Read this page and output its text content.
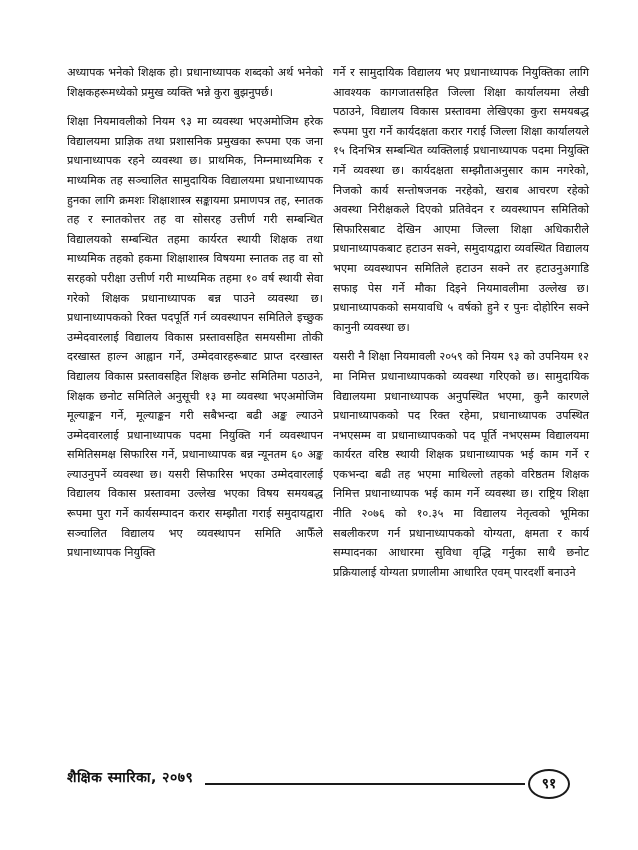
अध्यापक भनेको शिक्षक हो। प्रधानाध्यापक शब्दको अर्थ भनेको शिक्षकहरूमध्येको प्रमुख व्यक्ति भन्ने कुरा बुझनुपर्छ।

शिक्षा नियमावलीको नियम ९३ मा व्यवस्था भएअमोजिम हरेक विद्यालयमा प्राज्ञिक तथा प्रशासनिक प्रमुखका रूपमा एक जना प्रधानाध्यापक रहने व्यवस्था छ। प्राथमिक, निम्नमाध्यमिक र माध्यमिक तह सञ्चालित सामुदायिक विद्यालयमा प्रधानाध्यापक हुनका लागि क्रमशः शिक्षाशास्त्र सङ्कायमा प्रमाणपत्र तह, स्नातक तह र स्नातकोत्तर तह वा सोसरह उत्तीर्ण गरी सम्बन्धित विद्यालयको सम्बन्धित तहमा कार्यरत स्थायी शिक्षक तथा माध्यमिक तहको हकमा शिक्षाशास्त्र विषयमा स्नातक तह वा सो सरहको परीक्षा उत्तीर्ण गरी माध्यमिक तहमा १० वर्ष स्थायी सेवा गरेको शिक्षक प्रधानाध्यापक बन्न पाउने व्यवस्था छ। प्रधानाध्यापकको रिक्त पदपूर्ति गर्न व्यवस्थापन समितिले इच्छुक उम्मेदवारलाई विद्यालय विकास प्रस्तावसहित समयसीमा तोकी दरखास्त हाल्न आह्वान गर्ने, उम्मेदवारहरूबाट प्राप्त दरखास्त विद्यालय विकास प्रस्तावसहित शिक्षक छनोट समितिमा पठाउने, शिक्षक छनोट समितिले अनुसूची १३ मा व्यवस्था भएअमोजिम मूल्याङ्कन गर्ने, मूल्याङ्कन गरी सबैभन्दा बढी अङ्क ल्याउने उम्मेदवारलाई प्रधानाध्यापक पदमा नियुक्ति गर्न व्यवस्थापन समितिसमक्ष सिफारिस गर्ने, प्रधानाध्यापक बन्न न्यूनतम ६० अङ्क ल्याउनुपर्ने व्यवस्था छ। यसरी सिफारिस भएका उम्मेदवारलाई विद्यालय विकास प्रस्तावमा उल्लेख भएका विषय समयबद्ध रूपमा पुरा गर्ने कार्यसम्पादन करार सम्झौता गराई समुदायद्वारा सञ्चालित विद्यालय भए व्यवस्थापन समिति आफैँले प्रधानाध्यापक नियुक्ति

गर्ने र सामुदायिक विद्यालय भए प्रधानाध्यापक नियुक्तिका लागि आवश्यक कागजातसहित जिल्ला शिक्षा कार्यालयमा लेखी पठाउने, विद्यालय विकास प्रस्तावमा लेखिएका कुरा समयबद्ध रूपमा पुरा गर्ने कार्यदक्षता करार गराई जिल्ला शिक्षा कार्यालयले १५ दिनभित्र सम्बन्धित व्यक्तिलाई प्रधानाध्यापक पदमा नियुक्ति गर्ने व्यवस्था छ। कार्यदक्षता सम्झौताअनुसार काम नगरेको, निजको कार्य सन्तोषजनक नरहेको, खराब आचरण रहेको अवस्था निरीक्षकले दिएको प्रतिवेदन र व्यवस्थापन समितिको सिफारिसबाट देखिन आएमा जिल्ला शिक्षा अधिकारीले प्रधानाध्यापकबाट हटाउन सक्ने, समुदायद्वारा व्यवस्थित विद्यालय भएमा व्यवस्थापन समितिले हटाउन सक्ने तर हटाउनुअगाडि सफाइ पेस गर्ने मौका दिइने नियमावलीमा उल्लेख छ। प्रधानाध्यापकको समयावधि ५ वर्षको हुने र पुनः दोहोरिन सक्ने कानुनी व्यवस्था छ।

यसरी नै शिक्षा नियमावली २०५९ को नियम ९३ को उपनियम १२ मा निमित्त प्रधानाध्यापकको व्यवस्था गरिएको छ। सामुदायिक विद्यालयमा प्रधानाध्यापक अनुपस्थित भएमा, कुनै कारणले प्रधानाध्यापकको पद रिक्त रहेमा, प्रधानाध्यापक उपस्थित नभएसम्म वा प्रधानाध्यापकको पद पूर्ति नभएसम्म विद्यालयमा कार्यरत वरिष्ठ स्थायी शिक्षक प्रधानाध्यापक भई काम गर्ने र एकभन्दा बढी तह भएमा माथिल्लो तहको वरिष्ठतम शिक्षक निमित्त प्रधानाध्यापक भई काम गर्ने व्यवस्था छ। राष्ट्रिय शिक्षा नीति २०७६ को १०.३५ मा विद्यालय नेतृत्वको भूमिका सबलीकरण गर्न प्रधानाध्यापकको योग्यता, क्षमता र कार्य सम्पादनका आधारमा सुविधा वृद्धि गर्नुका साथै छनोट प्रक्रियालाई योग्यता प्रणालीमा आधारित एवम् पारदर्शी बनाउने

शैक्षिक स्मारिका, २०७९	९१
